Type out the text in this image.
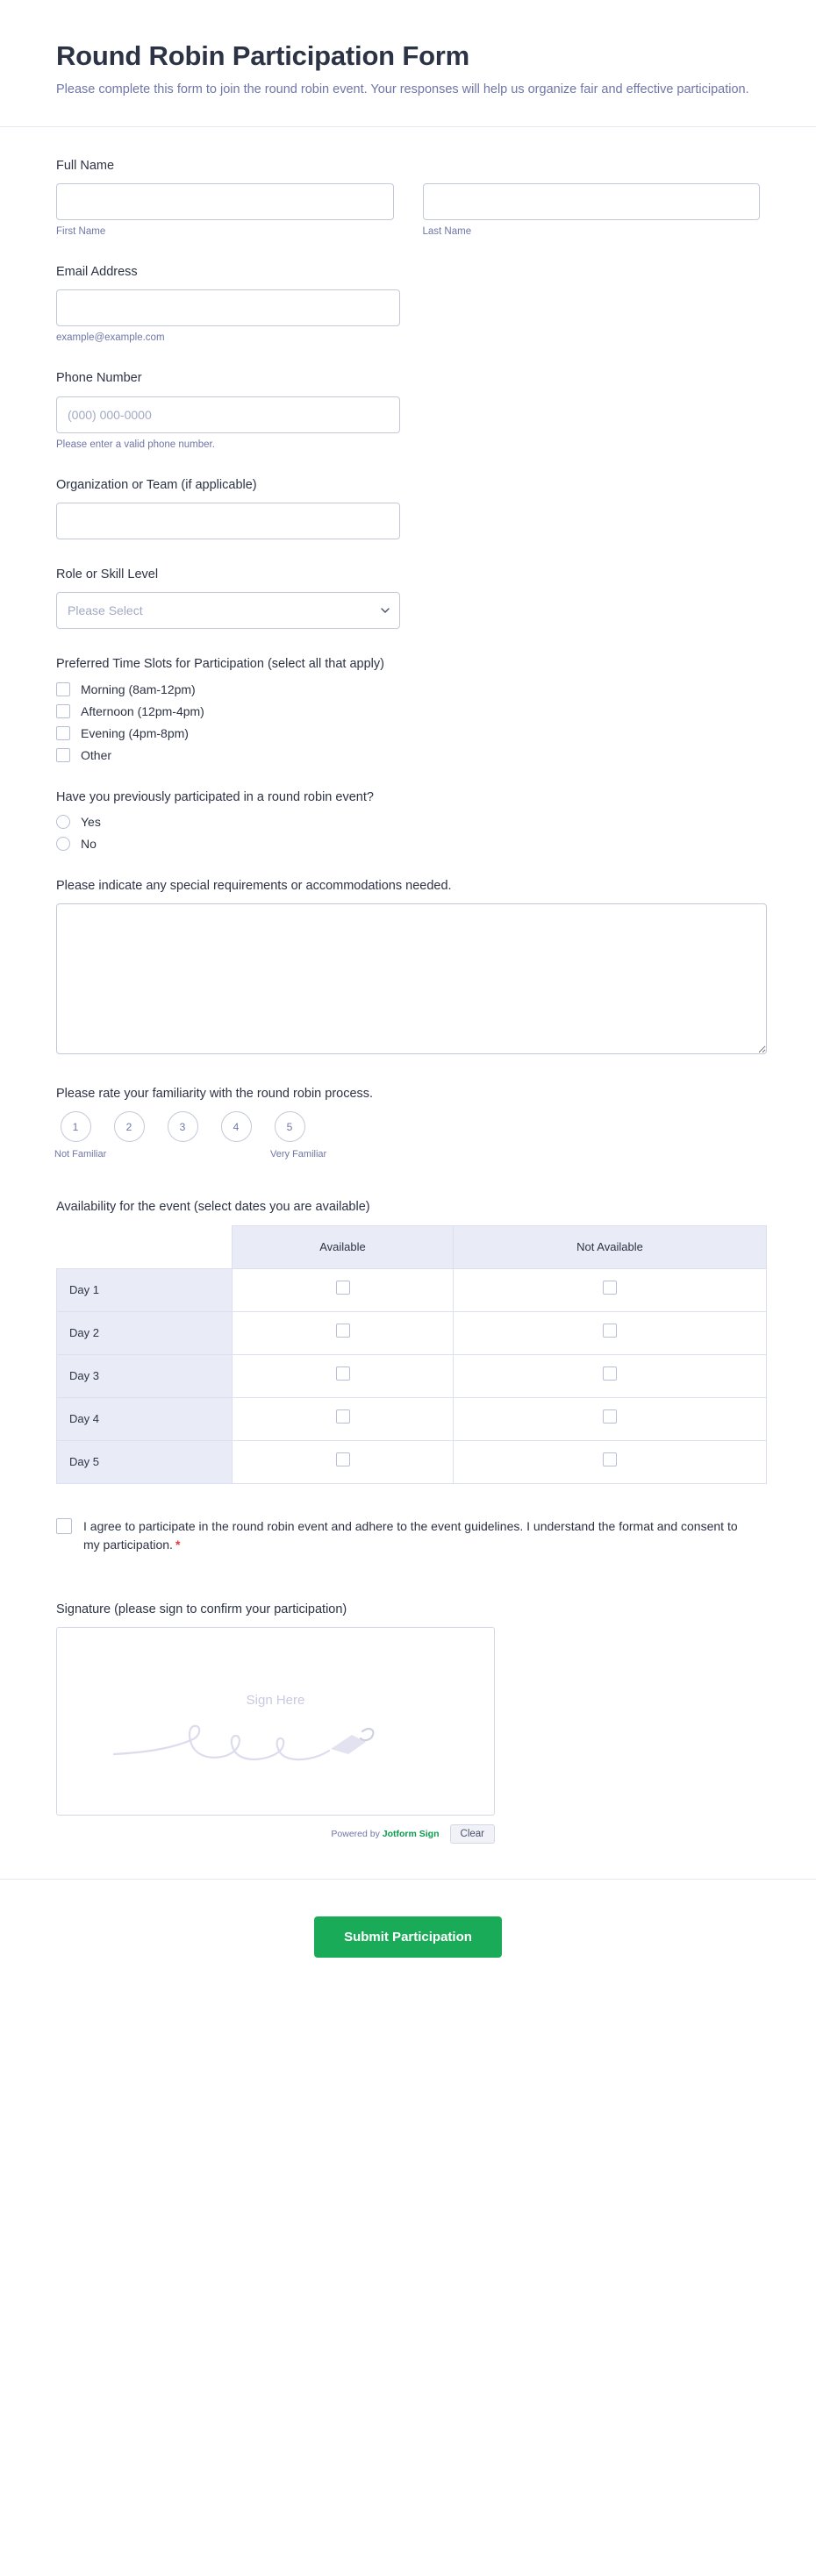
Round Robin Participation Form

Please complete this form to join the round robin event. Your responses will help us organize fair and effective participation.

Full Name
First Name	Last Name
Email Address
example@example.com
Phone Number
(000) 000-0000
Please enter a valid phone number.
Organization or Team (if applicable)
Role or Skill Level
Please Select
Preferred Time Slots for Participation (select all that apply)
Morning (8am-12pm)
Afternoon (12pm-4pm)
Evening (4pm-8pm)
Other
Have you previously participated in a round robin event?
Yes
No
Please indicate any special requirements or accommodations needed.
Please rate your familiarity with the round robin process.
1
Not Familiar
2	3	4	5
Very Familiar
Availability for the event (select dates you are available)
	Available	Not Available
Day 1		
Day 2		
Day 3		
Day 4		
Day 5		
I agree to participate in the round robin event and adhere to the event guidelines. I understand the format and consent to my participation. *
Signature (please sign to confirm your participation)
Sign Here
Powered by Jotform Sign	Clear
Submit Participation
